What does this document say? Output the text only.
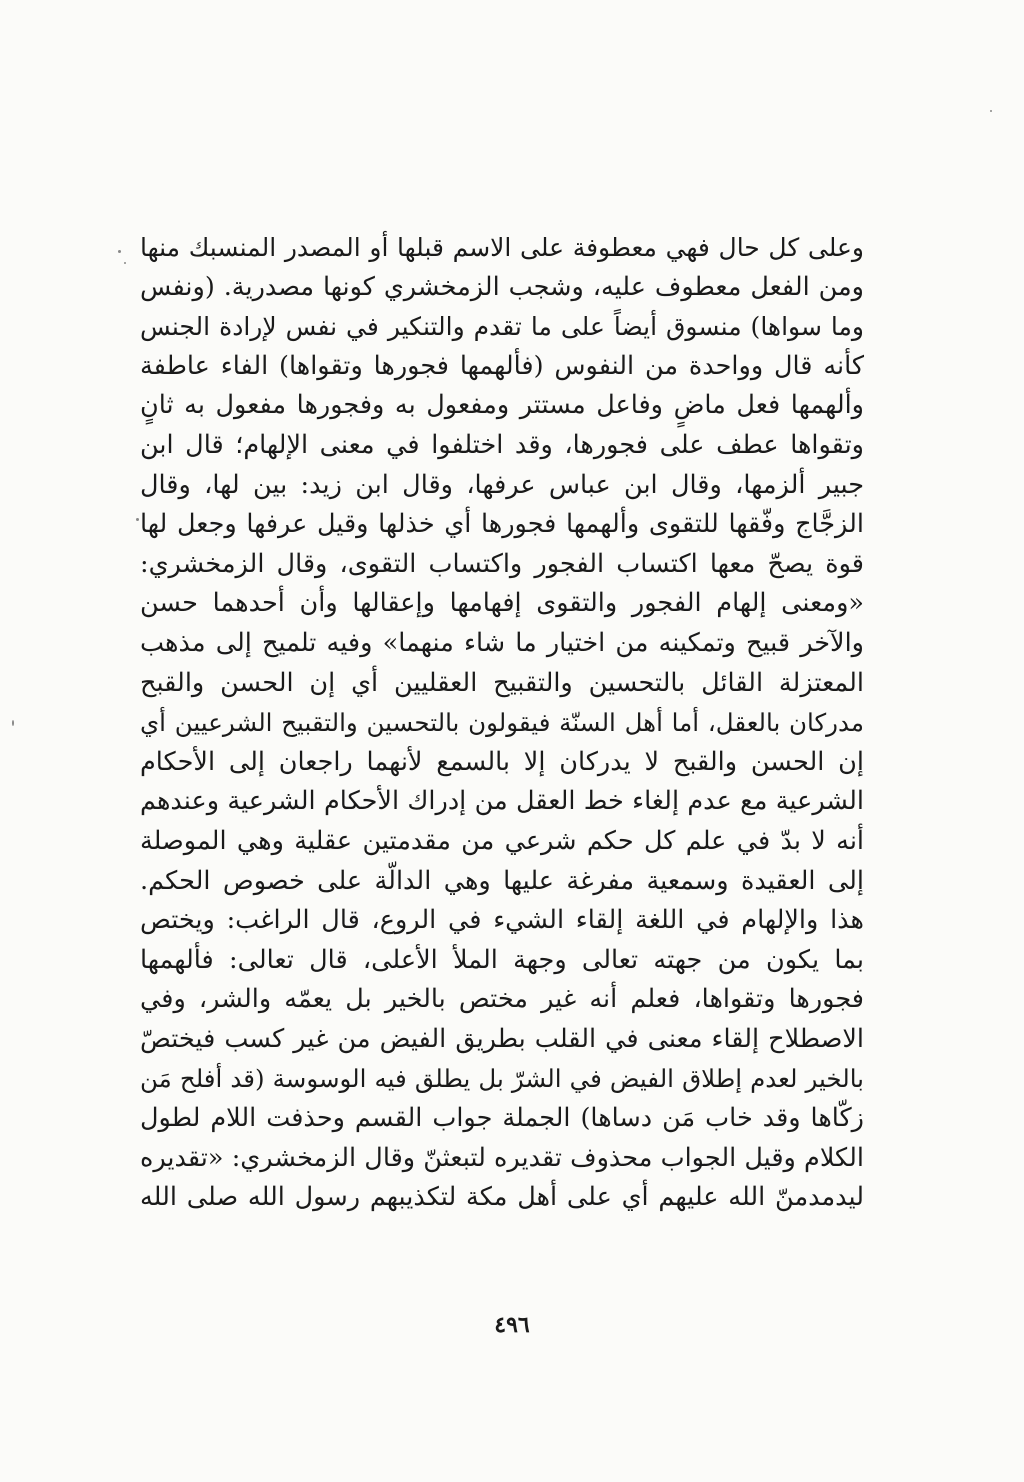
وعلى كل حال فهي معطوفة على الاسم قبلها أو المصدر المنسبك منها
ومن الفعل معطوف عليه، وشجب الزمخشري كونها مصدرية. (ونفس
وما سواها) منسوق أيضاً على ما تقدم والتنكير في نفس لإرادة الجنس
كأنه قال وواحدة من النفوس (فألهمها فجورها وتقواها) الفاء عاطفة
وألهمها فعل ماضٍ وفاعل مستتر ومفعول به وفجورها مفعول به ثانٍ
وتقواها عطف على فجورها، وقد اختلفوا في معنى الإلهام؛ قال ابن
جبير ألزمها، وقال ابن عباس عرفها، وقال ابن زيد: بين لها، وقال
الزجَّاج وفّقها للتقوى وألهمها فجورها أي خذلها وقيل عرفها وجعل لها
قوة يصحّ معها اكتساب الفجور واكتساب التقوى، وقال الزمخشري:
«ومعنى إلهام الفجور والتقوى إفهامها وإعقالها وأن أحدهما حسن
والآخر قبيح وتمكينه من اختيار ما شاء منهما» وفيه تلميح إلى مذهب
المعتزلة القائل بالتحسين والتقبيح العقليين أي إن الحسن والقبح
مدركان بالعقل، أما أهل السنّة فيقولون بالتحسين والتقبيح الشرعيين أي
إن الحسن والقبح لا يدركان إلا بالسمع لأنهما راجعان إلى الأحكام
الشرعية مع عدم إلغاء خط العقل من إدراك الأحكام الشرعية وعندهم
أنه لا بدّ في علم كل حكم شرعي من مقدمتين عقلية وهي الموصلة
إلى العقيدة وسمعية مفرغة عليها وهي الدالّة على خصوص الحكم.
هذا والإلهام في اللغة إلقاء الشيء في الروع، قال الراغب: ويختص
بما يكون من جهته تعالى وجهة الملأ الأعلى، قال تعالى: فألهمها
فجورها وتقواها، فعلم أنه غير مختص بالخير بل يعمّه والشر، وفي
الاصطلاح إلقاء معنى في القلب بطريق الفيض من غير كسب فيختصّ
بالخير لعدم إطلاق الفيض في الشرّ بل يطلق فيه الوسوسة (قد أفلح مَن
زكّاها وقد خاب مَن دساها) الجملة جواب القسم وحذفت اللام لطول
الكلام وقيل الجواب محذوف تقديره لتبعثنّ وقال الزمخشري: «تقديره
ليدمدمنّ الله عليهم أي على أهل مكة لتكذيبهم رسول الله صلى الله
٤٩٦
